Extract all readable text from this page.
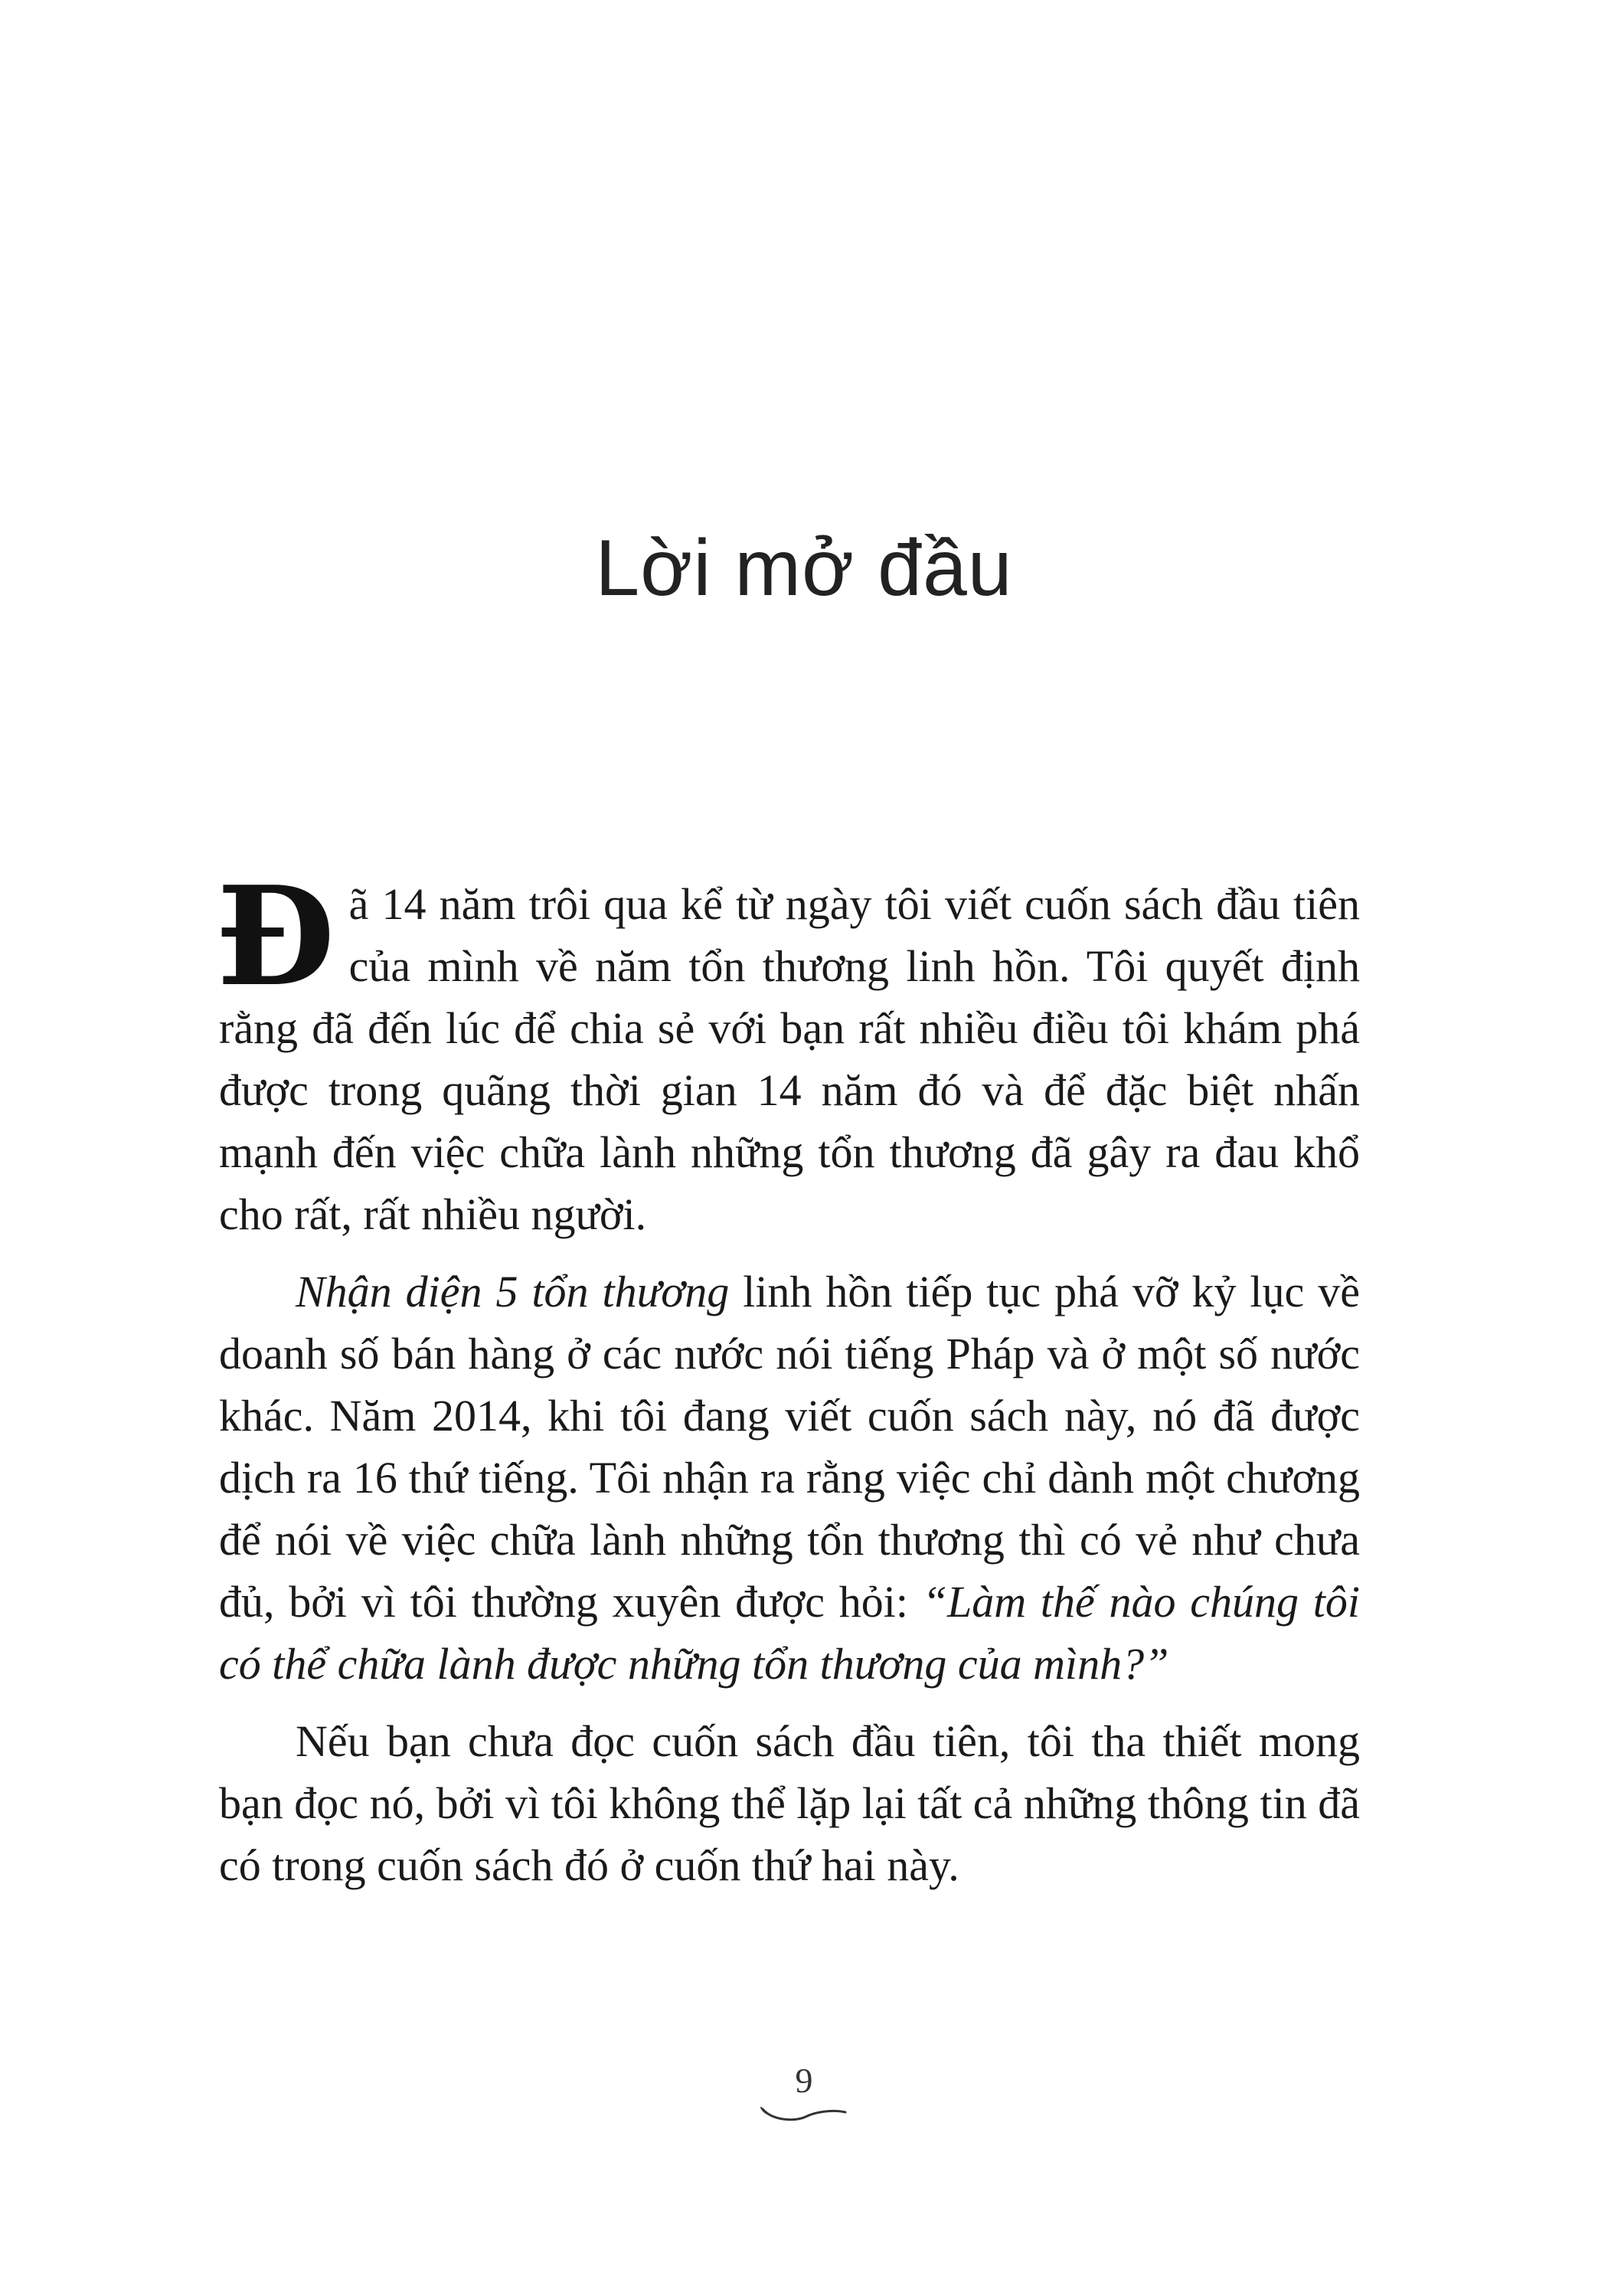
Lời mở đầu

Đã 14 năm trôi qua kể từ ngày tôi viết cuốn sách đầu tiên của mình về năm tổn thương linh hồn. Tôi quyết định rằng đã đến lúc để chia sẻ với bạn rất nhiều điều tôi khám phá được trong quãng thời gian 14 năm đó và để đặc biệt nhấn mạnh đến việc chữa lành những tổn thương đã gây ra đau khổ cho rất, rất nhiều người.

Nhận diện 5 tổn thương linh hồn tiếp tục phá vỡ kỷ lục về doanh số bán hàng ở các nước nói tiếng Pháp và ở một số nước khác. Năm 2014, khi tôi đang viết cuốn sách này, nó đã được dịch ra 16 thứ tiếng. Tôi nhận ra rằng việc chỉ dành một chương để nói về việc chữa lành những tổn thương thì có vẻ như chưa đủ, bởi vì tôi thường xuyên được hỏi: “Làm thế nào chúng tôi có thể chữa lành được những tổn thương của mình?”

Nếu bạn chưa đọc cuốn sách đầu tiên, tôi tha thiết mong bạn đọc nó, bởi vì tôi không thể lặp lại tất cả những thông tin đã có trong cuốn sách đó ở cuốn thứ hai này.

9
